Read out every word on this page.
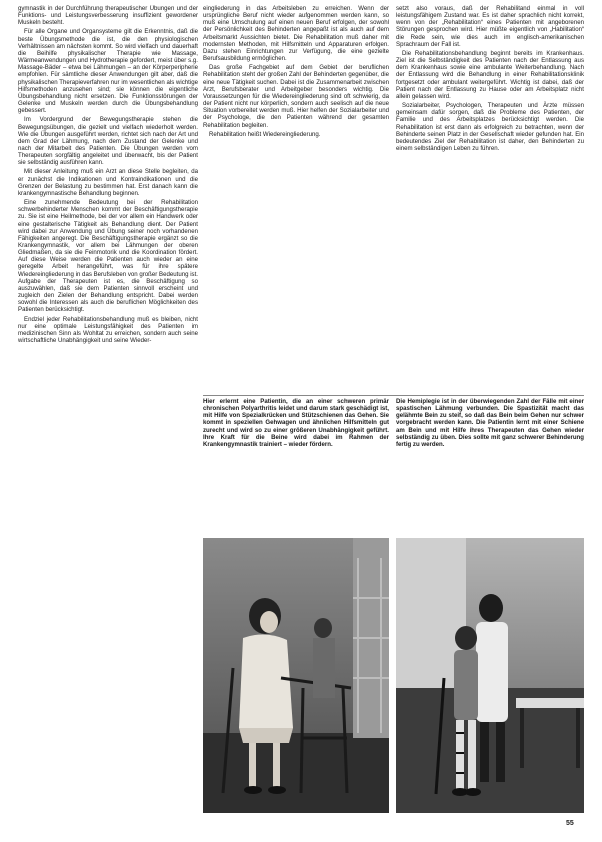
gymnastik in der Durchführung therapeutischer Übungen und der Funktions- und Leistungsverbesserung insuffizient gewordener Muskeln besteht.

Für alle Organe und Organsysteme gilt die Erkenntnis, daß die beste Übungsmethode die ist, die den physiologischen Verhältnissen am nächsten kommt. So wird vielfach und dauerhaft die Beihilfe physikalischer Therapie wie Massage, Wärmeanwendungen und Hydrotherapie gefordert, meist über s.g. Massage-Bäder – etwa bei Lähmungen – an der Körperperipherie empfohlen. Für sämtliche dieser Anwendungen gilt aber, daß die physikalischen Therapieverfahren nur im wesentlichen als wichtige Hilfsmethoden anzusehen sind; sie können die eigentliche Übungsbehandlung nicht ersetzen. Die Funktionsstörungen der Gelenke und Muskeln werden durch die Übungsbehandlung gebessert.

Im Vordergrund der Bewegungstherapie stehen die Bewegungsübungen, die gezielt und vielfach wiederholt werden. Wie die Übungen ausgeführt werden, richtet sich nach der Art und dem Grad der Lähmung, nach dem Zustand der Gelenke und nach der Mitarbeit des Patienten. Die Übungen werden vom Therapeuten sorgfältig angeleitet und überwacht, bis der Patient sie selbständig ausführen kann.

Mit dieser Anleitung muß ein Arzt an diese Stelle begleiten, da er zunächst die Indikationen und Kontraindikationen und die Grenzen der Belastung zu bestimmen hat. Erst danach kann die krankengymnastische Behandlung beginnen.

Eine zunehmende Bedeutung bei der Rehabilitation schwerbehinderter Menschen kommt der Beschäftigungstherapie zu. Sie ist eine Heilmethode, bei der vor allem ein Handwerk oder eine gestalterische Tätigkeit als Behandlung dient. Der Patient wird dabei zur Anwendung und Übung seiner noch vorhandenen Fähigkeiten angeregt. Die Beschäftigungstherapie ergänzt so die Krankengymnastik, vor allem bei Lähmungen der oberen Gliedmaßen, da sie die Feinmotorik und die Koordination fördert. Auf diese Weise werden die Patienten auch wieder an eine geregelte Arbeit herangeführt, was für ihre spätere Wiedereingliederung in das Berufsleben von großer Bedeutung ist. Aufgabe der Therapeuten ist es, die Beschäftigung so auszuwählen, daß sie dem Patienten sinnvoll erscheint und zugleich den Zielen der Behandlung entspricht. Dabei werden sowohl die Interessen als auch die beruflichen Möglichkeiten des Patienten berücksichtigt.

Endziel jeder Rehabilitationsbehandlung muß es bleiben, nicht nur eine optimale Leistungsfähigkeit des Patienten im medizinischen Sinn als Wohltat zu erreichen, sondern auch seine wirtschaftliche Unabhängigkeit und seine Wieder-

eingliederung in das Arbeitsleben zu erreichen. Wenn der ursprüngliche Beruf nicht wieder aufgenommen werden kann, so muß eine Umschulung auf einen neuen Beruf erfolgen, der sowohl der Persönlichkeit des Behinderten angepaßt ist als auch auf dem Arbeitsmarkt Aussichten bietet. Die Rehabilitation muß daher mit modernsten Methoden, mit Hilfsmitteln und Apparaturen erfolgen. Dazu stehen Einrichtungen zur Verfügung, die eine gezielte Berufsausbildung ermöglichen.

Das große Fachgebiet auf dem Gebiet der beruflichen Rehabilitation steht der großen Zahl der Behinderten gegenüber, die eine neue Tätigkeit suchen. Dabei ist die Zusammenarbeit zwischen Arzt, Berufsberater und Arbeitgeber besonders wichtig. Die Voraussetzungen für die Wiedereingliederung sind oft schwierig, da der Patient nicht nur körperlich, sondern auch seelisch auf die neue Situation vorbereitet werden muß. Hier helfen der Sozialarbeiter und der Psychologe, die den Patienten während der gesamten Rehabilitation begleiten.

Rehabilitation heißt Wiedereingliederung.

setzt also voraus, daß der Rehabilitand einmal in voll leistungsfähigem Zustand war. Es ist daher sprachlich nicht korrekt, wenn von der „Rehabilitation“ eines Patienten mit angeborenen Störungen gesprochen wird. Hier müßte eigentlich von „Habilitation“ die Rede sein, wie dies auch im englisch-amerikanischen Sprachraum der Fall ist.

Die Rehabilitationsbehandlung beginnt bereits im Krankenhaus. Ziel ist die Selbständigkeit des Patienten nach der Entlassung aus dem Krankenhaus sowie eine ambulante Weiterbehandlung. Nach der Entlassung wird die Behandlung in einer Rehabilitationsklinik fortgesetzt oder ambulant weitergeführt. Wichtig ist dabei, daß der Patient nach der Entlassung zu Hause oder am Arbeitsplatz nicht allein gelassen wird.

Sozialarbeiter, Psychologen, Therapeuten und Ärzte müssen gemeinsam dafür sorgen, daß die Probleme des Patienten, der Familie und des Arbeitsplatzes berücksichtigt werden. Die Rehabilitation ist erst dann als erfolgreich zu betrachten, wenn der Behinderte seinen Platz in der Gesellschaft wieder gefunden hat. Ein bedeutendes Ziel der Rehabilitation ist daher, den Behinderten zu einem selbständigen Leben zu führen.

Hier erlernt eine Patientin, die an einer schweren primär chronischen Polyarthritis leidet und darum stark geschädigt ist, mit Hilfe von Spezialkrücken und Stützschienen das Gehen. Sie kommt in speziellen Gehwagen und ähnlichen Hilfsmitteln gut zurecht und wird so zu einer größeren Unabhängigkeit geführt. Ihre Kraft für die Beine wird dabei im Rahmen der Krankengymnastik trainiert – wieder fördern.
Die Hemiplegie ist in der überwiegenden Zahl der Fälle mit einer spastischen Lähmung verbunden. Die Spastizität macht das gelähmte Bein zu steif, so daß das Bein beim Gehen nur schwer vorgebracht werden kann. Die Patientin lernt mit einer Schiene am Bein und mit Hilfe ihres Therapeuten das Gehen wieder selbständig zu üben. Dies sollte mit ganz schwerer Behinderung fertig zu werden.
55
